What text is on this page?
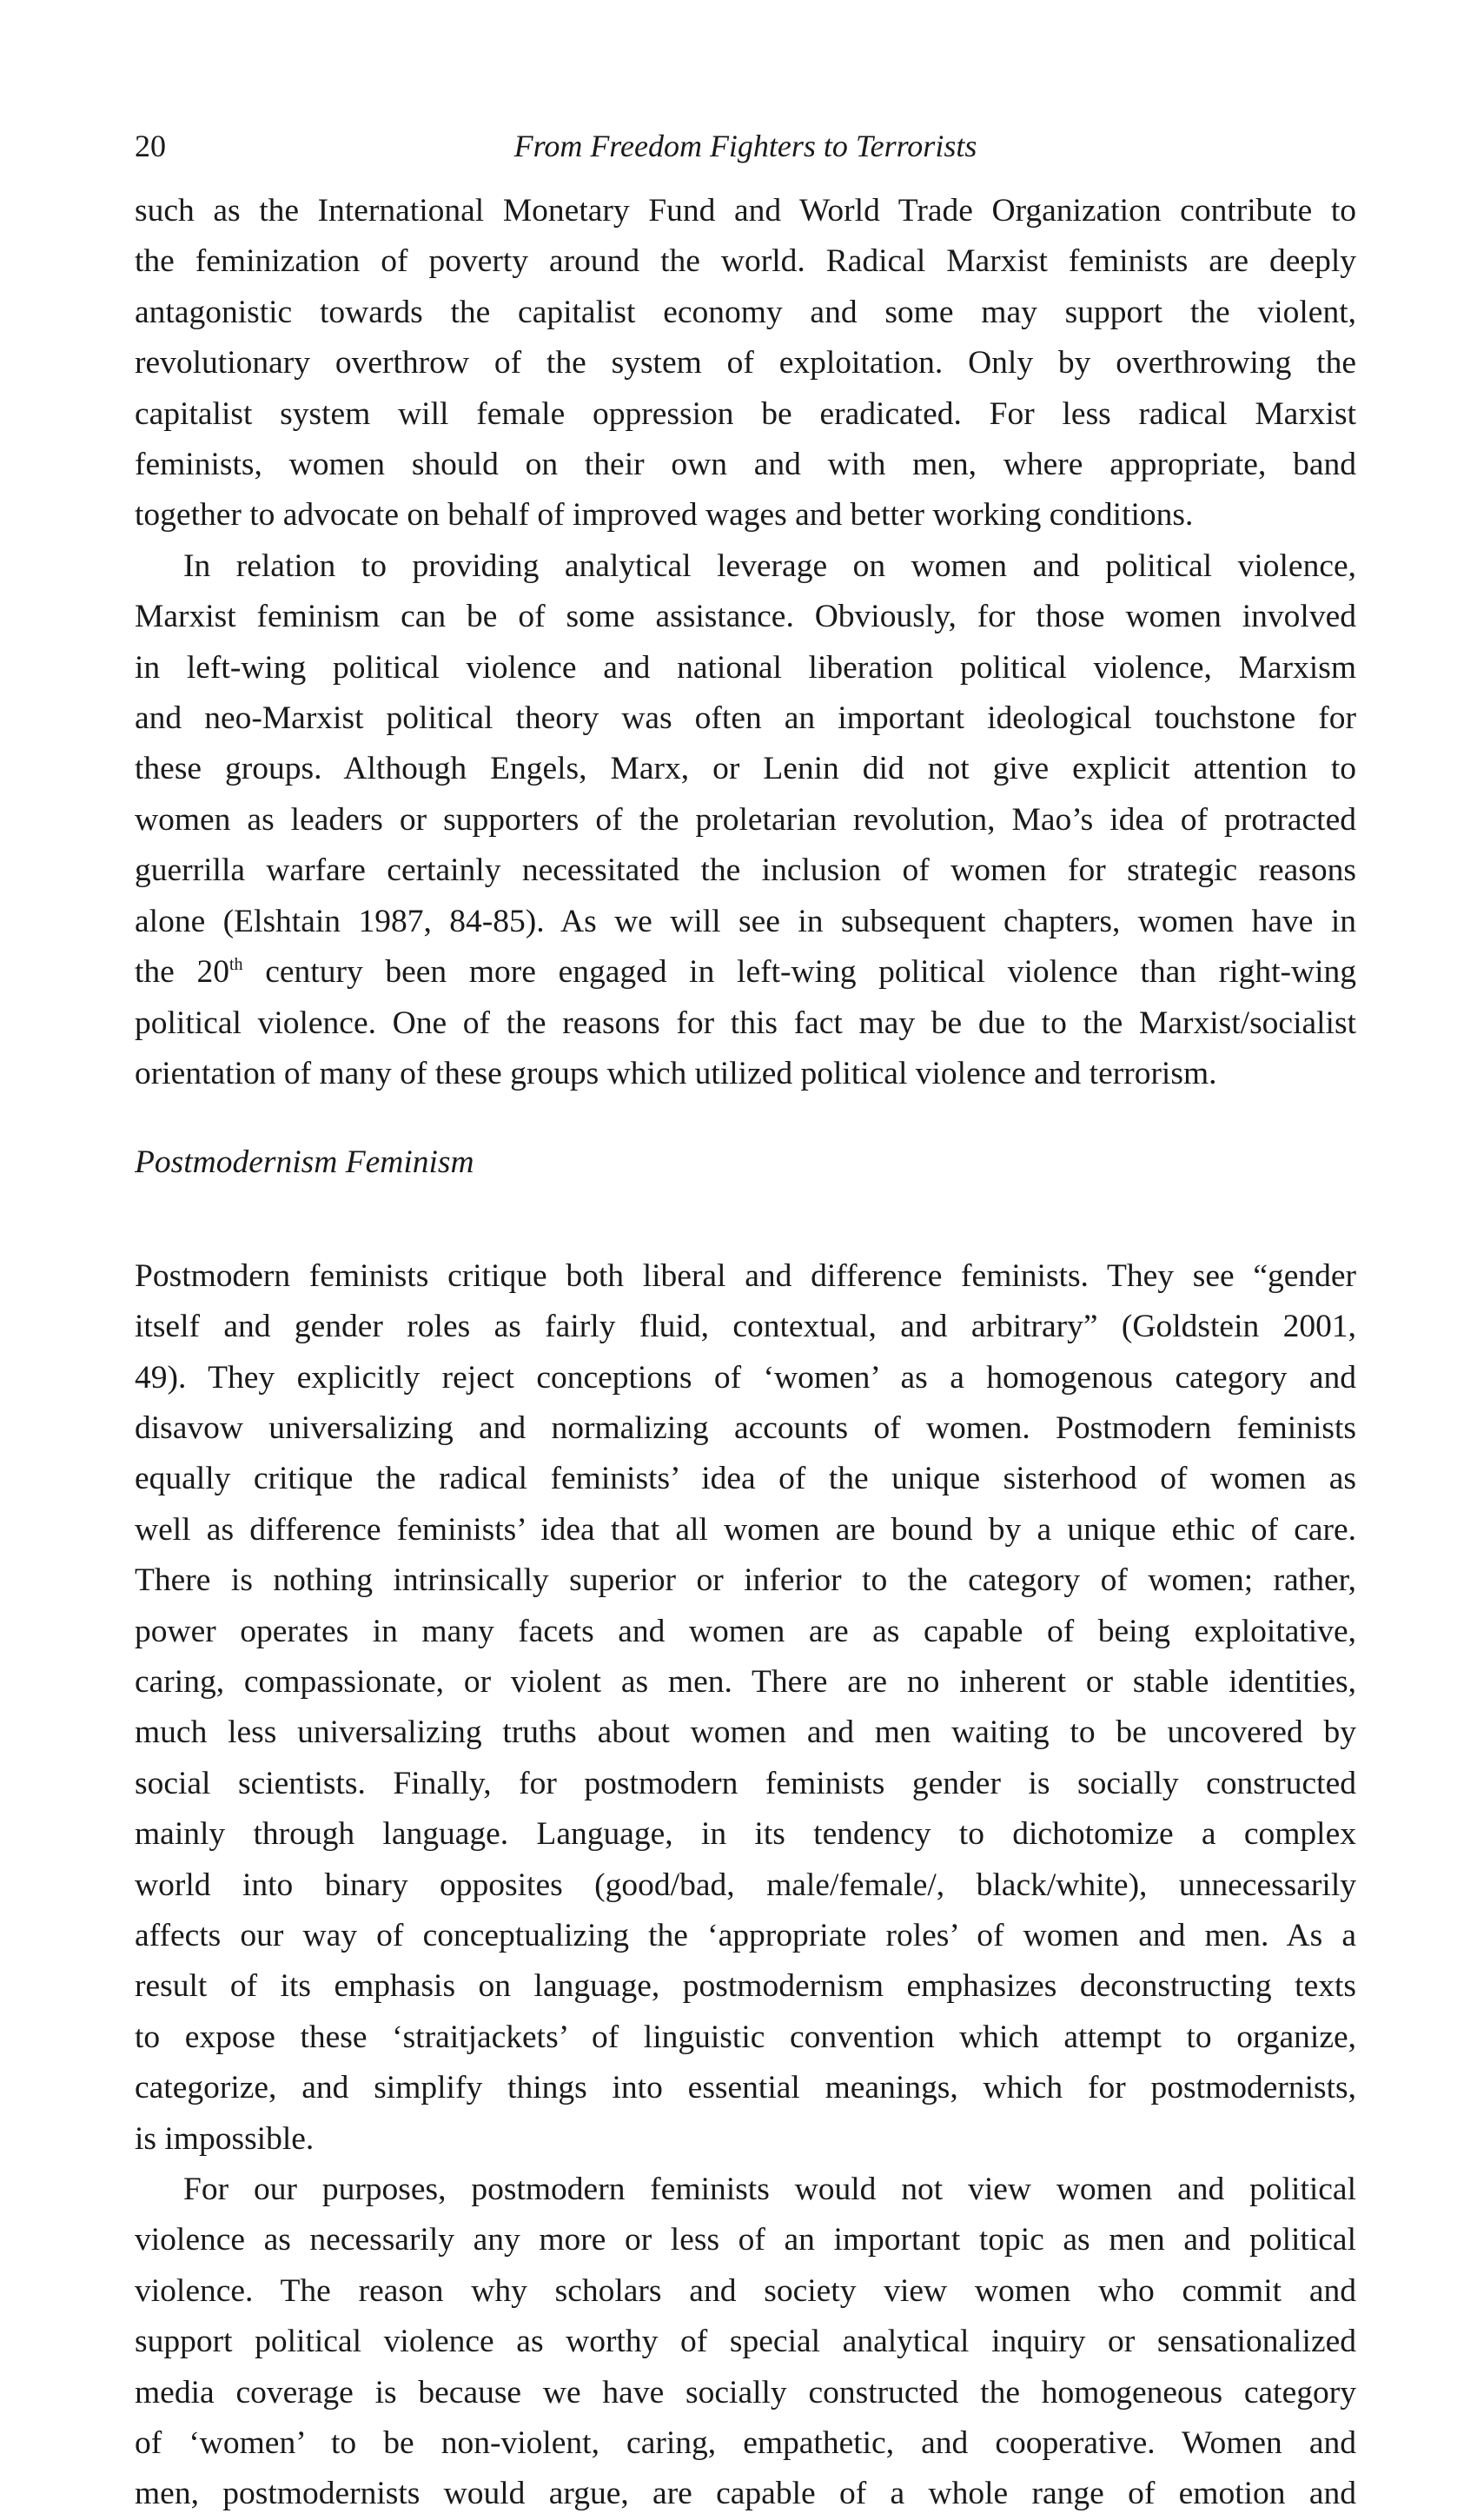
20	From Freedom Fighters to Terrorists

such as the International Monetary Fund and World Trade Organization contribute to
the feminization of poverty around the world. Radical Marxist feminists are deeply
antagonistic towards the capitalist economy and some may support the violent,
revolutionary overthrow of the system of exploitation. Only by overthrowing the
capitalist system will female oppression be eradicated. For less radical Marxist
feminists, women should on their own and with men, where appropriate, band
together to advocate on behalf of improved wages and better working conditions.

In relation to providing analytical leverage on women and political violence,
Marxist feminism can be of some assistance. Obviously, for those women involved
in left-wing political violence and national liberation political violence, Marxism
and neo-Marxist political theory was often an important ideological touchstone for
these groups. Although Engels, Marx, or Lenin did not give explicit attention to
women as leaders or supporters of the proletarian revolution, Mao’s idea of protracted
guerrilla warfare certainly necessitated the inclusion of women for strategic reasons
alone (Elshtain 1987, 84-85). As we will see in subsequent chapters, women have in
the 20th century been more engaged in left-wing political violence than right-wing
political violence. One of the reasons for this fact may be due to the Marxist/socialist
orientation of many of these groups which utilized political violence and terrorism.

Postmodernism Feminism

Postmodern feminists critique both liberal and difference feminists. They see “gender
itself and gender roles as fairly fluid, contextual, and arbitrary” (Goldstein 2001,
49). They explicitly reject conceptions of ‘women’ as a homogenous category and
disavow universalizing and normalizing accounts of women. Postmodern feminists
equally critique the radical feminists’ idea of the unique sisterhood of women as
well as difference feminists’ idea that all women are bound by a unique ethic of care.
There is nothing intrinsically superior or inferior to the category of women; rather,
power operates in many facets and women are as capable of being exploitative,
caring, compassionate, or violent as men. There are no inherent or stable identities,
much less universalizing truths about women and men waiting to be uncovered by
social scientists. Finally, for postmodern feminists gender is socially constructed
mainly through language. Language, in its tendency to dichotomize a complex
world into binary opposites (good/bad, male/female/, black/white), unnecessarily
affects our way of conceptualizing the ‘appropriate roles’ of women and men. As a
result of its emphasis on language, postmodernism emphasizes deconstructing texts
to expose these ‘straitjackets’ of linguistic convention which attempt to organize,
categorize, and simplify things into essential meanings, which for postmodernists,
is impossible.

For our purposes, postmodern feminists would not view women and political
violence as necessarily any more or less of an important topic as men and political
violence. The reason why scholars and society view women who commit and
support political violence as worthy of special analytical inquiry or sensationalized
media coverage is because we have socially constructed the homogeneous category
of ‘women’ to be non-violent, caring, empathetic, and cooperative. Women and
men, postmodernists would argue, are capable of a whole range of emotion and
